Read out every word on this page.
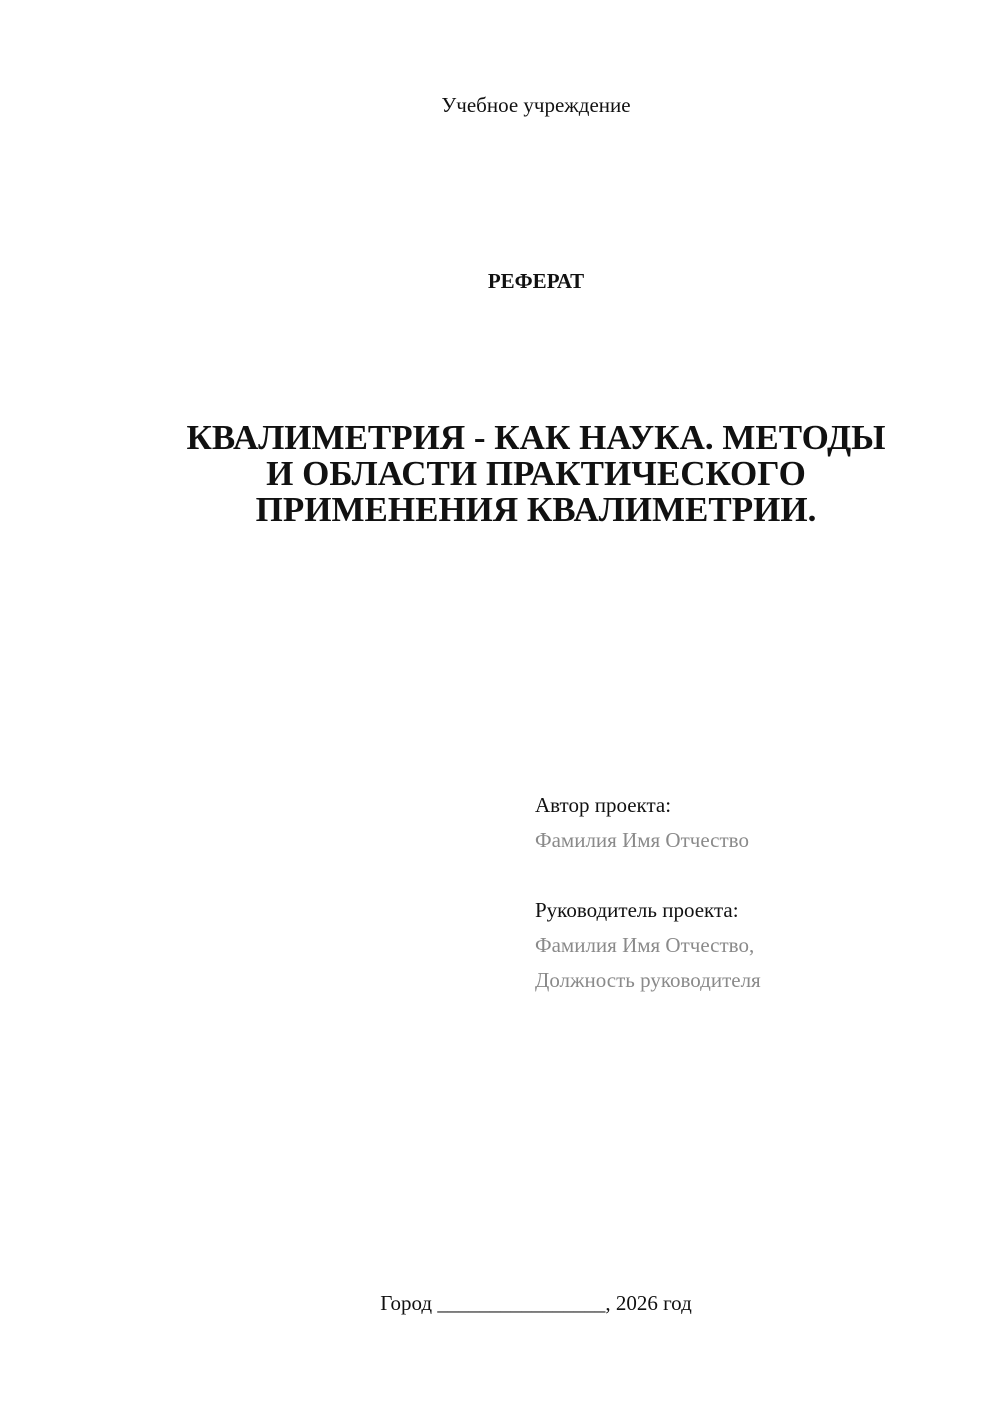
Учебное учреждение
РЕФЕРАТ
КВАЛИМЕТРИЯ - КАК НАУКА. МЕТОДЫ
И ОБЛАСТИ ПРАКТИЧЕСКОГО
ПРИМЕНЕНИЯ КВАЛИМЕТРИИ.
Автор проекта:
Фамилия Имя Отчество
Руководитель проекта:
Фамилия Имя Отчество,
Должность руководителя
Город ________________, 2026 год
